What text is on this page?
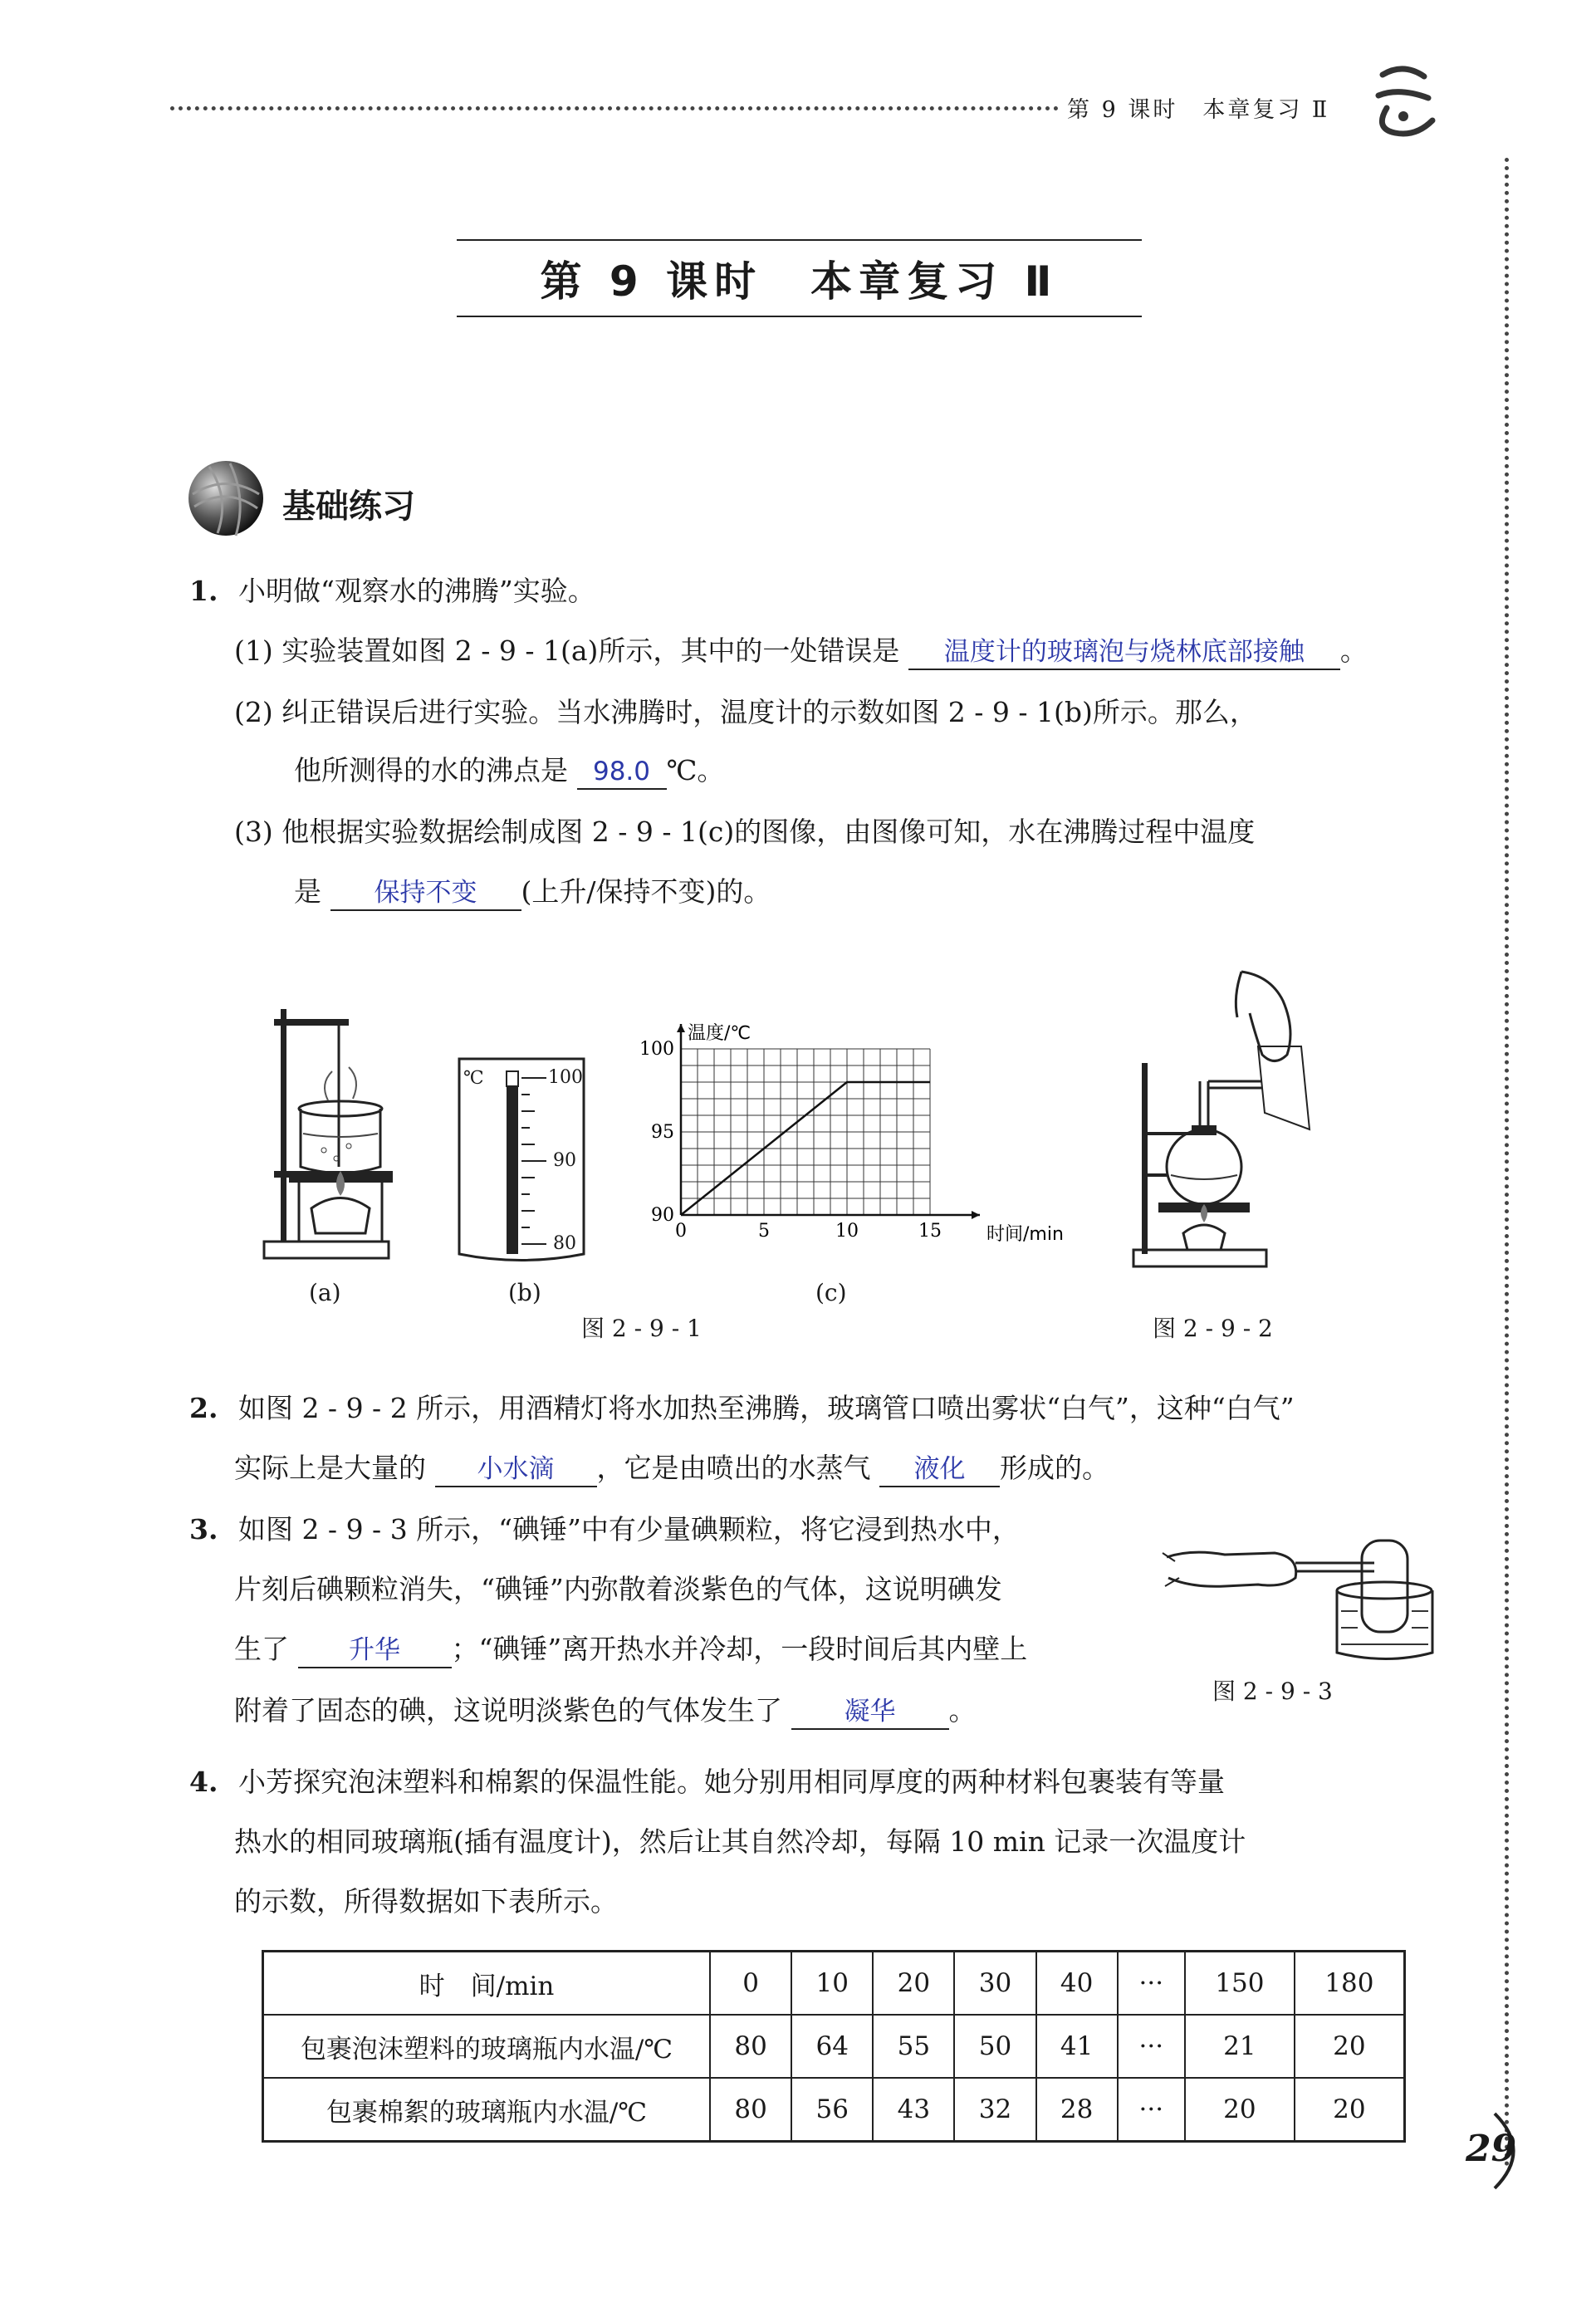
第 9 课时　本章复习 Ⅱ
第 9 课时　本章复习 Ⅱ
基础练习
1. 小明做“观察水的沸腾”实验。
(1) 实验装置如图 2 - 9 - 1(a)所示，其中的一处错误是 温度计的玻璃泡与烧林底部接触 。
(2) 纠正错误后进行实验。当水沸腾时，温度计的示数如图 2 - 9 - 1(b)所示。那么，
他所测得的水的沸点是 98.0 ℃。
(3) 他根据实验数据绘制成图 2 - 9 - 1(c)的图像，由图像可知，水在沸腾过程中温度
是 保持不变 (上升/保持不变)的。
(a)
℃	100
90
80
(b)
0	5	10	15
90
95
100
温度/℃
时间/min
(c)
图 2 - 9 - 1	图 2 - 9 - 2
2. 如图 2 - 9 - 2 所示，用酒精灯将水加热至沸腾，玻璃管口喷出雾状“白气”，这种“白气”
实际上是大量的 小水滴 ，它是由喷出的水蒸气 液化 形成的。
3. 如图 2 - 9 - 3 所示，“碘锤”中有少量碘颗粒，将它浸到热水中，
片刻后碘颗粒消失，“碘锤”内弥散着淡紫色的气体，这说明碘发
生了 升华 ；“碘锤”离开热水并冷却，一段时间后其内壁上
附着了固态的碘，这说明淡紫色的气体发生了 凝华 。
图 2 - 9 - 3
4. 小芳探究泡沫塑料和棉絮的保温性能。她分别用相同厚度的两种材料包裹装有等量
热水的相同玻璃瓶(插有温度计)，然后让其自然冷却，每隔 10 min 记录一次温度计
的示数，所得数据如下表所示。
时　间/min	0	10	20	30	40	···	150	180
包裹泡沫塑料的玻璃瓶内水温/℃	80	64	55	50	41	···	21	20
包裹棉絮的玻璃瓶内水温/℃	80	56	43	32	28	···	20	20
29
